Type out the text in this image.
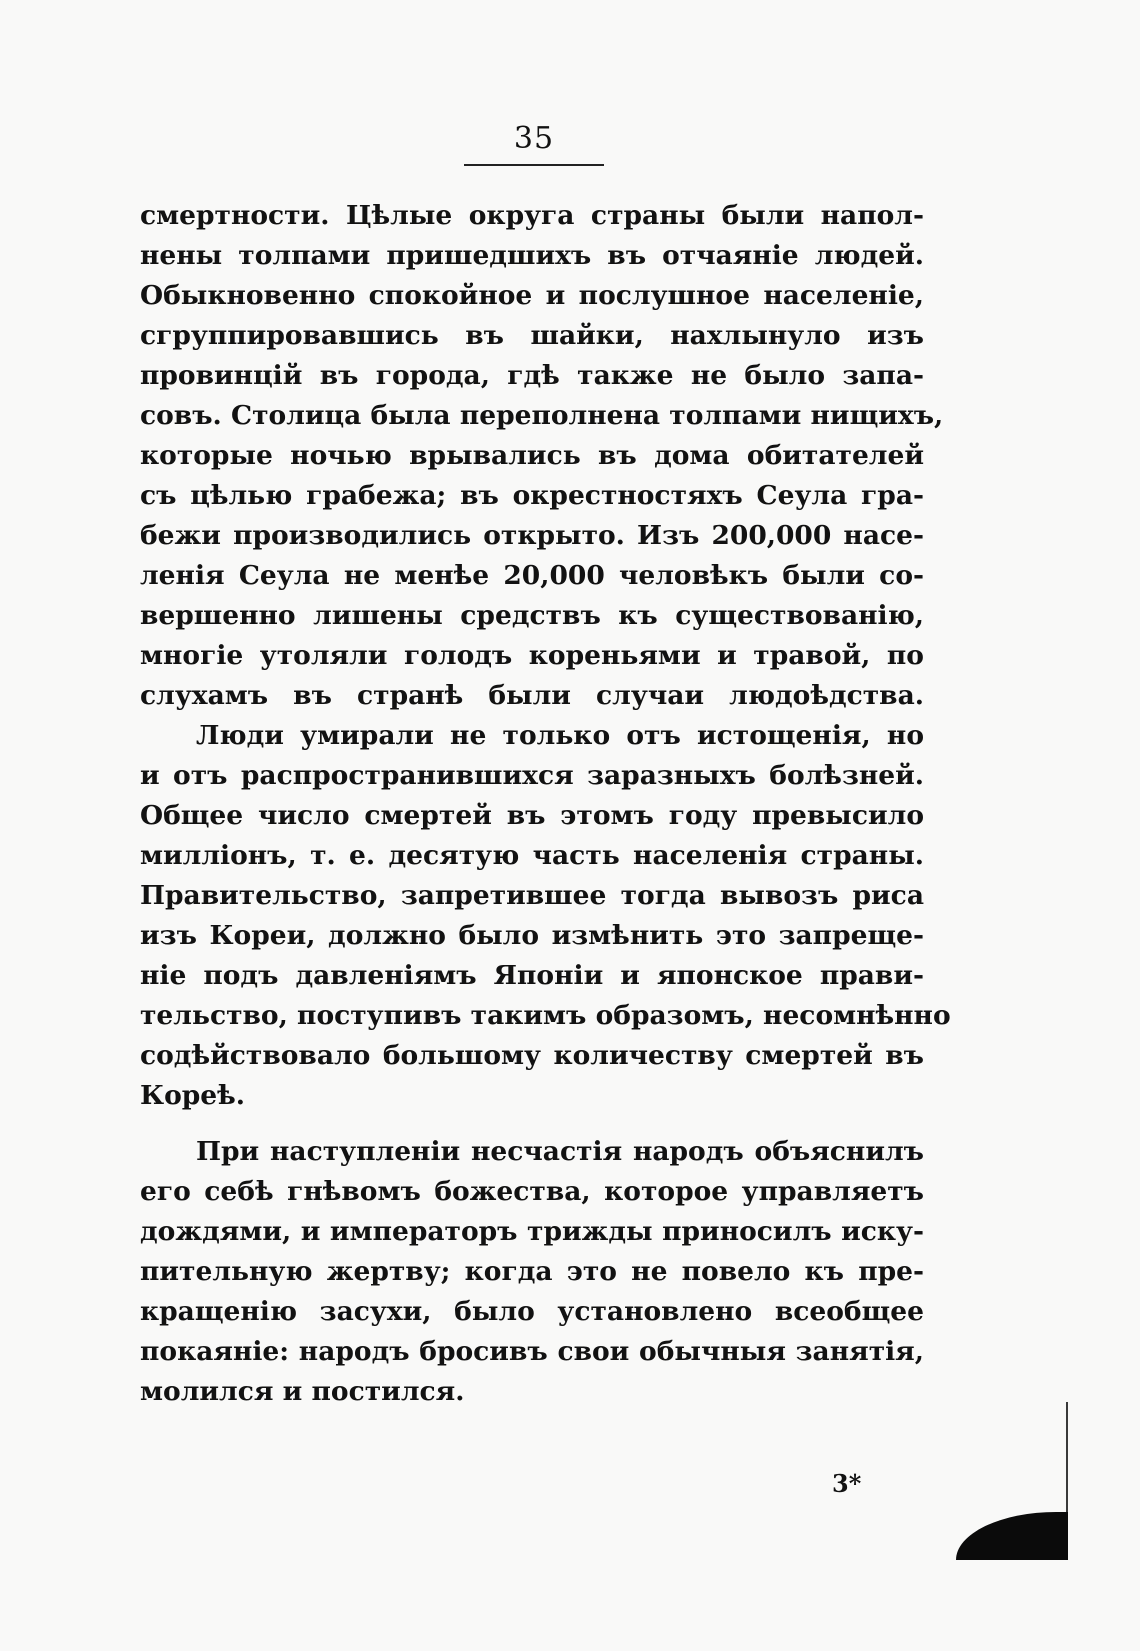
35
смертности. Цѣлые округа страны были напол-
нены толпами пришедшихъ въ отчаяніе людей.
Обыкновенно спокойное и послушное населеніе,
сгруппировавшись въ шайки, нахлынуло изъ
провинцій въ города, гдѣ также не было запа-
совъ. Столица была переполнена толпами нищихъ,
которые ночью врывались въ дома обитателей
съ цѣлью грабежа; въ окрестностяхъ Сеула гра-
бежи производились открыто. Изъ 200,000 насе-
ленія Сеула не менѣе 20,000 человѣкъ были со-
вершенно лишены средствъ къ существованію,
многіе утоляли голодъ кореньями и травой, по
слухамъ въ странѣ были случаи людоѣдства.
Люди умирали не только отъ истощенія, но
и отъ распространившихся заразныхъ болѣзней.
Общее число смертей въ этомъ году превысило
милліонъ, т. е. десятую часть населенія страны.
Правительство, запретившее тогда вывозъ риса
изъ Кореи, должно было измѣнить это запреще-
ніе подъ давленіямъ Японіи и японское прави-
тельство, поступивъ такимъ образомъ, несомнѣнно
содѣйствовало большому количеству смертей въ
Кореѣ.
При наступленіи несчастія народъ объяснилъ
его себѣ гнѣвомъ божества, которое управляетъ
дождями, и императоръ трижды приносилъ иску-
пительную жертву; когда это не повело къ пре-
кращенію засухи, было установлено всеобщее
покаяніе: народъ бросивъ свои обычныя занятія,
молился и постился.
3*
